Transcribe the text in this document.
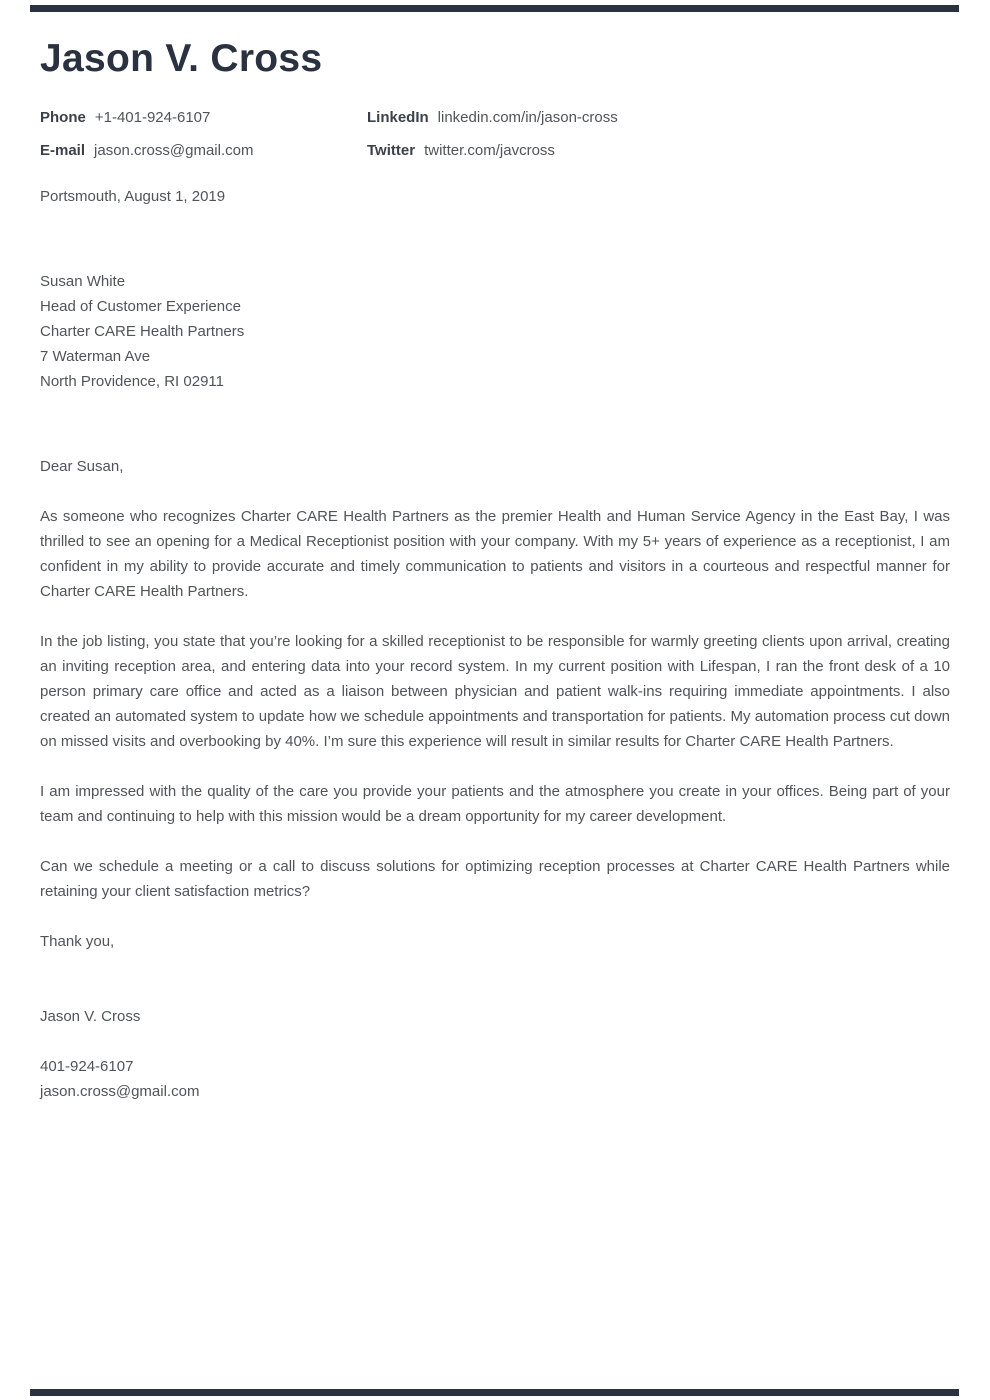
Jason V. Cross
Phone +1-401-924-6107	LinkedIn linkedin.com/in/jason-cross
E-mail jason.cross@gmail.com	Twitter twitter.com/javcross
Portsmouth, August 1, 2019
Susan White
Head of Customer Experience
Charter CARE Health Partners
7 Waterman Ave
North Providence, RI 02911
Dear Susan,

As someone who recognizes Charter CARE Health Partners as the premier Health and Human Service Agency in the East Bay, I was thrilled to see an opening for a Medical Receptionist position with your company. With my 5+ years of experience as a receptionist, I am confident in my ability to provide accurate and timely communication to patients and visitors in a courteous and respectful manner for Charter CARE Health Partners.

In the job listing, you state that you’re looking for a skilled receptionist to be responsible for warmly greeting clients upon arrival, creating an inviting reception area, and entering data into your record system. In my current position with Lifespan, I ran the front desk of a 10 person primary care office and acted as a liaison between physician and patient walk-ins requiring immediate appointments. I also created an automated system to update how we schedule appointments and transportation for patients. My automation process cut down on missed visits and overbooking by 40%. I’m sure this experience will result in similar results for Charter CARE Health Partners.

I am impressed with the quality of the care you provide your patients and the atmosphere you create in your offices. Being part of your team and continuing to help with this mission would be a dream opportunity for my career development.

Can we schedule a meeting or a call to discuss solutions for optimizing reception processes at Charter CARE Health Partners while retaining your client satisfaction metrics?

Thank you,
Jason V. Cross
401-924-6107
jason.cross@gmail.com
